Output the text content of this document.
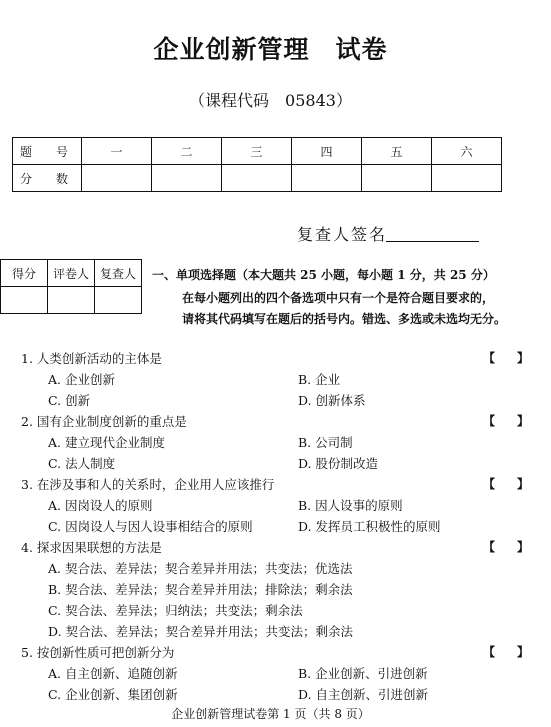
企业创新管理　试卷
（课程代码　05843）
题　号	一	二	三	四	五	六
分　数						
复查人签名
得分	评卷人	复查人
		一、单项选择题（本大题共 25 小题，每小题 1 分，共 25 分）
在每小题列出的四个备选项中只有一个是符合题目要求的，
请将其代码填写在题后的括号内。错选、多选或未选均无分。
1. 人类创新活动的主体是	【】
A. 企业创新	B. 企业
C. 创新	D. 创新体系
2. 国有企业制度创新的重点是	【】
A. 建立现代企业制度	B. 公司制
C. 法人制度	D. 股份制改造
3. 在涉及事和人的关系时，企业用人应该推行	【】
A. 因岗设人的原则	B. 因人设事的原则
C. 因岗设人与因人设事相结合的原则	D. 发挥员工积极性的原则
4. 探求因果联想的方法是	【】
A. 契合法、差异法；契合差异并用法；共变法；优选法
B. 契合法、差异法；契合差异并用法；排除法；剩余法
C. 契合法、差异法；归纳法；共变法；剩余法
D. 契合法、差异法；契合差异并用法；共变法；剩余法
5. 按创新性质可把创新分为	【】
A. 自主创新、追随创新	B. 企业创新、引进创新
C. 企业创新、集团创新	D. 自主创新、引进创新
企业创新管理试卷第 1 页（共 8 页）
